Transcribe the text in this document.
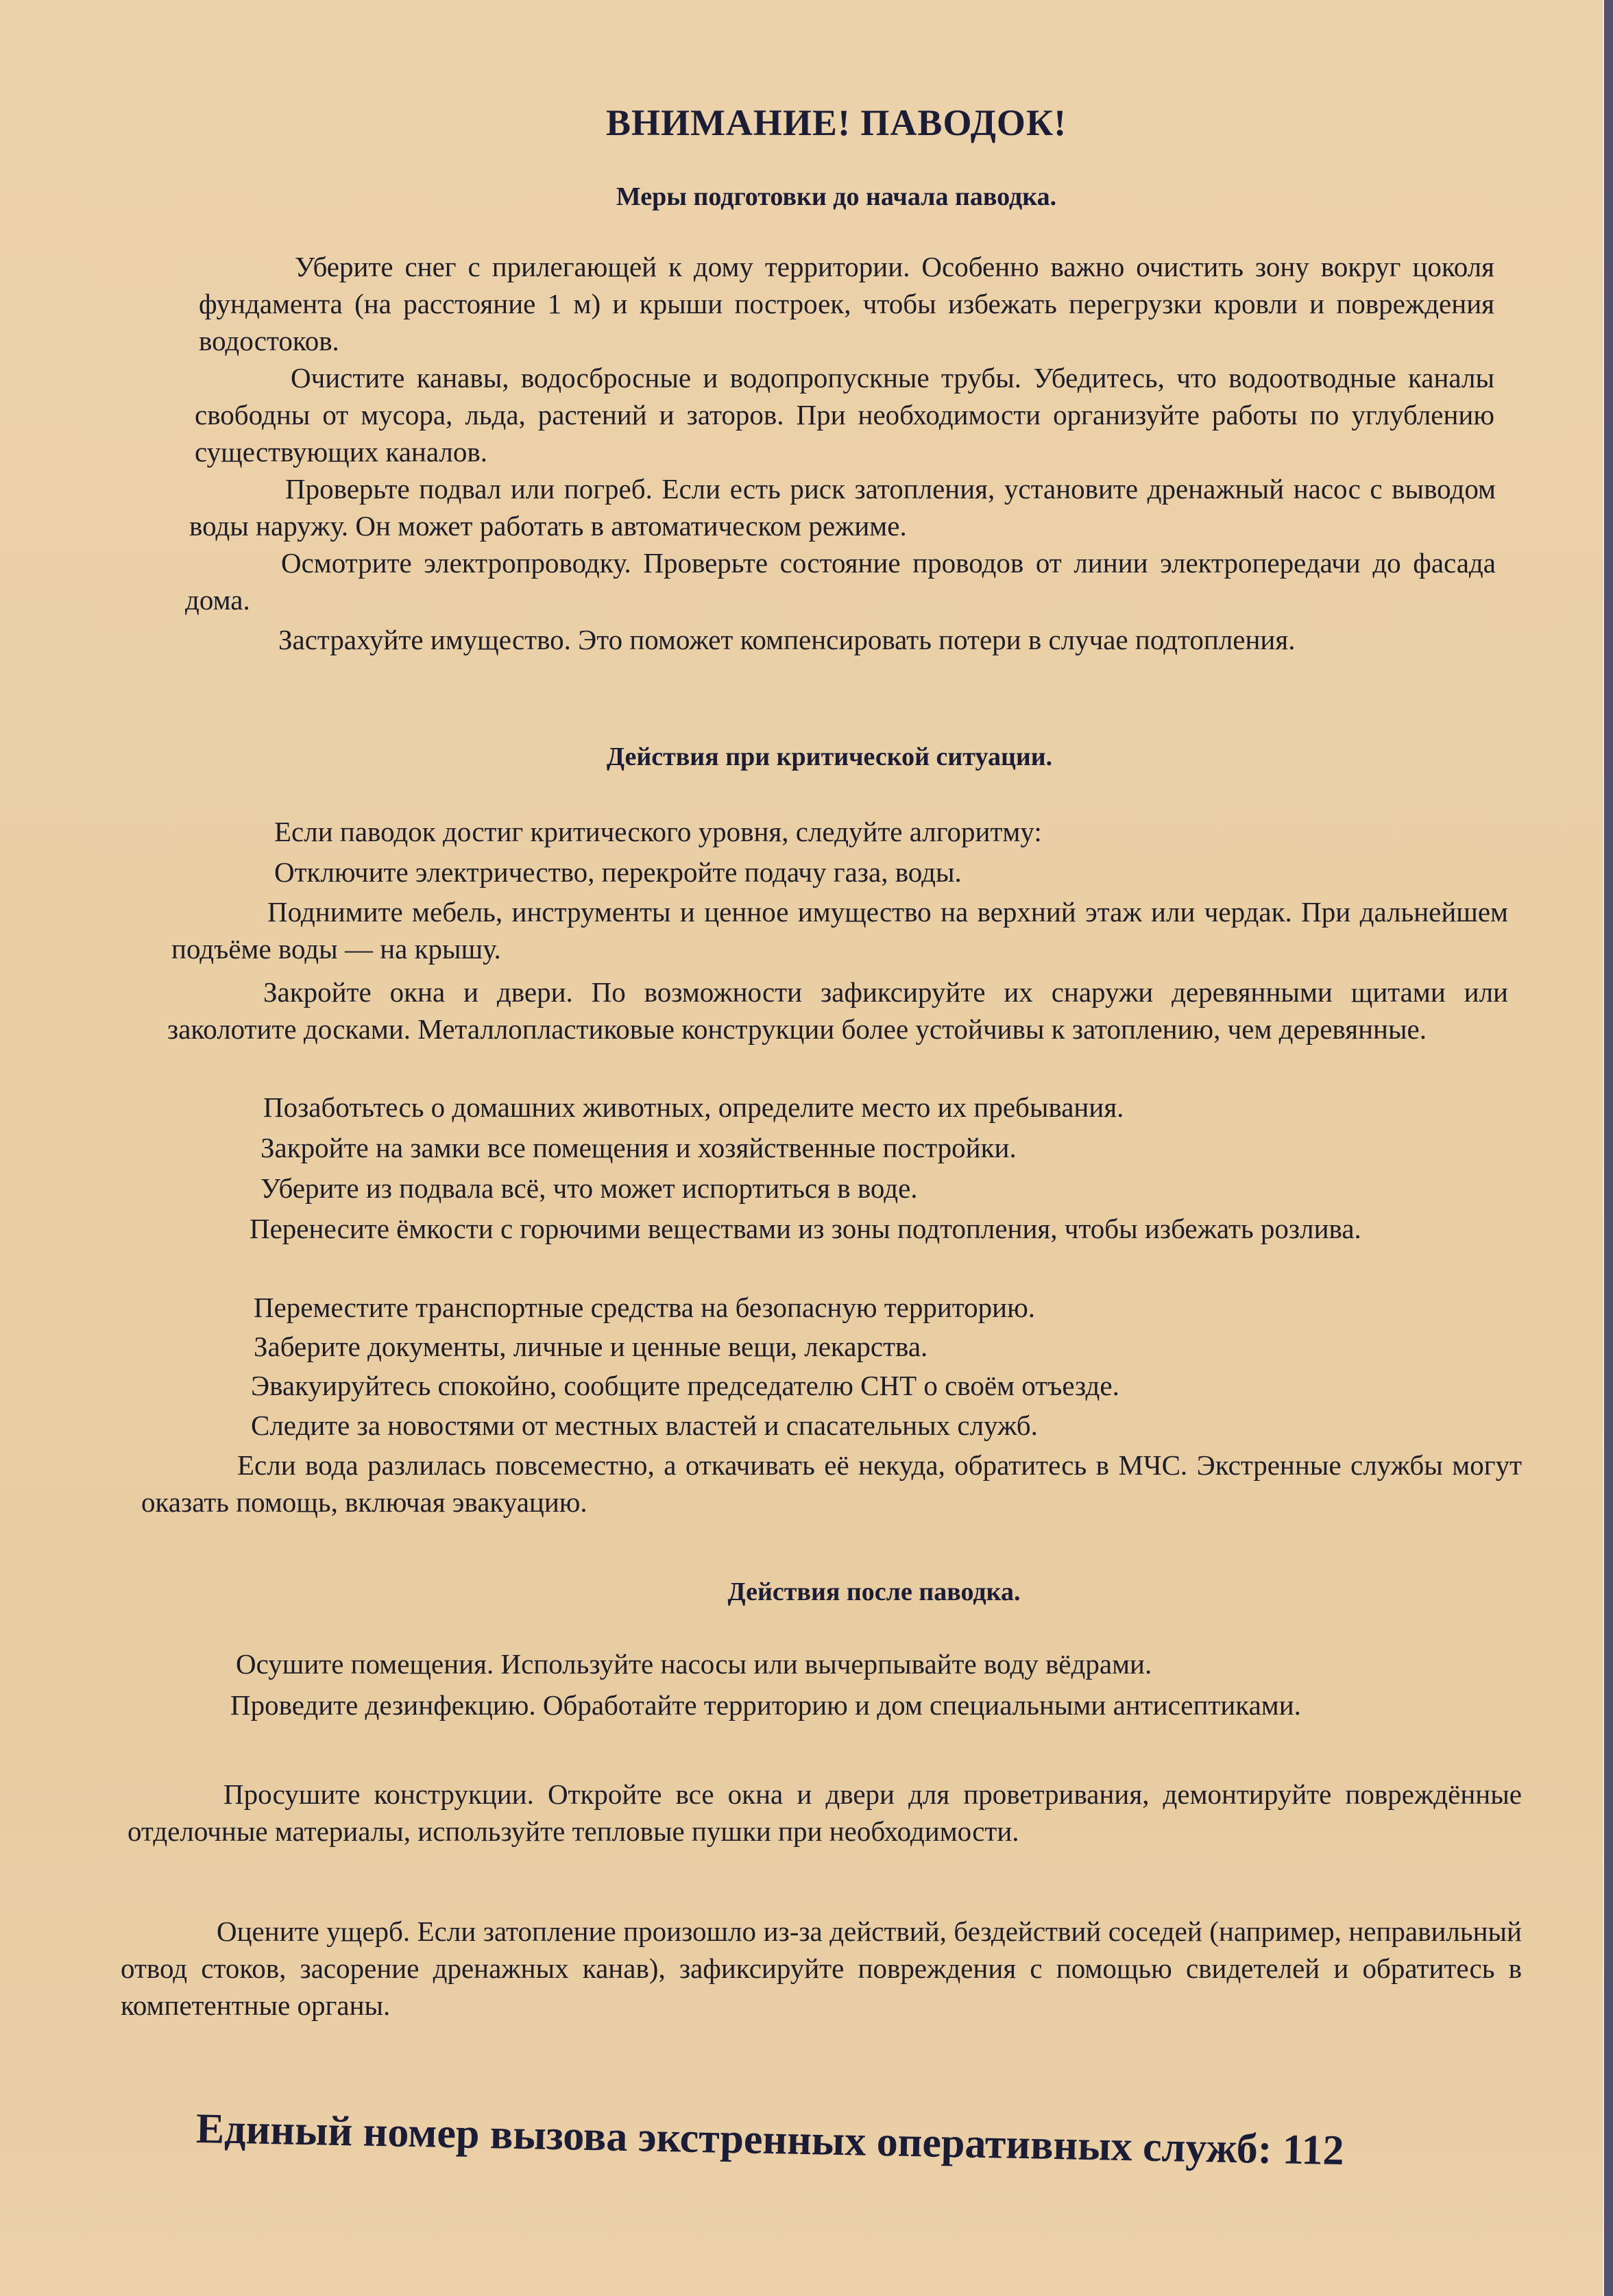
ВНИМАНИЕ! ПАВОДОК!
Меры подготовки до начала паводка.

Уберите снег с прилегающей к дому территории. Особенно важно очистить зону вокруг цоколя фундамента (на расстояние 1 м) и крыши построек, чтобы избежать перегрузки кровли и повреждения водостоков.

Очистите канавы, водосбросные и водопропускные трубы. Убедитесь, что водоотводные каналы свободны от мусора, льда, растений и заторов. При необходимости организуйте работы по углублению существующих каналов.

Проверьте подвал или погреб. Если есть риск затопления, установите дренажный насос с выводом воды наружу. Он может работать в автоматическом режиме.

Осмотрите электропроводку. Проверьте состояние проводов от линии электропередачи до фасада дома.

Застрахуйте имущество. Это поможет компенсировать потери в случае подтопления.

Действия при критической ситуации.

Если паводок достиг критического уровня, следуйте алгоритму:

Отключите электричество, перекройте подачу газа, воды.

Поднимите мебель, инструменты и ценное имущество на верхний этаж или чердак. При дальнейшем подъёме воды — на крышу.

Закройте окна и двери. По возможности зафиксируйте их снаружи деревянными щитами или заколотите досками. Металлопластиковые конструкции более устойчивы к затоплению, чем деревянные.

Позаботьтесь о домашних животных, определите место их пребывания.

Закройте на замки все помещения и хозяйственные постройки.

Уберите из подвала всё, что может испортиться в воде.

Перенесите ёмкости с горючими веществами из зоны подтопления, чтобы избежать розлива.

Переместите транспортные средства на безопасную территорию.

Заберите документы, личные и ценные вещи, лекарства.

Эвакуируйтесь спокойно, сообщите председателю СНТ о своём отъезде.

Следите за новостями от местных властей и спасательных служб.

Если вода разлилась повсеместно, а откачивать её некуда, обратитесь в МЧС. Экстренные службы могут оказать помощь, включая эвакуацию.

Действия после паводка.

Осушите помещения. Используйте насосы или вычерпывайте воду вёдрами.

Проведите дезинфекцию. Обработайте территорию и дом специальными антисептиками.

Просушите конструкции. Откройте все окна и двери для проветривания, демонтируйте повреждённые отделочные материалы, используйте тепловые пушки при необходимости.

Оцените ущерб. Если затопление произошло из-за действий, бездействий соседей (например, неправильный отвод стоков, засорение дренажных канав), зафиксируйте повреждения с помощью свидетелей и обратитесь в компетентные органы.

Единый номер вызова экстренных оперативных служб: 112
